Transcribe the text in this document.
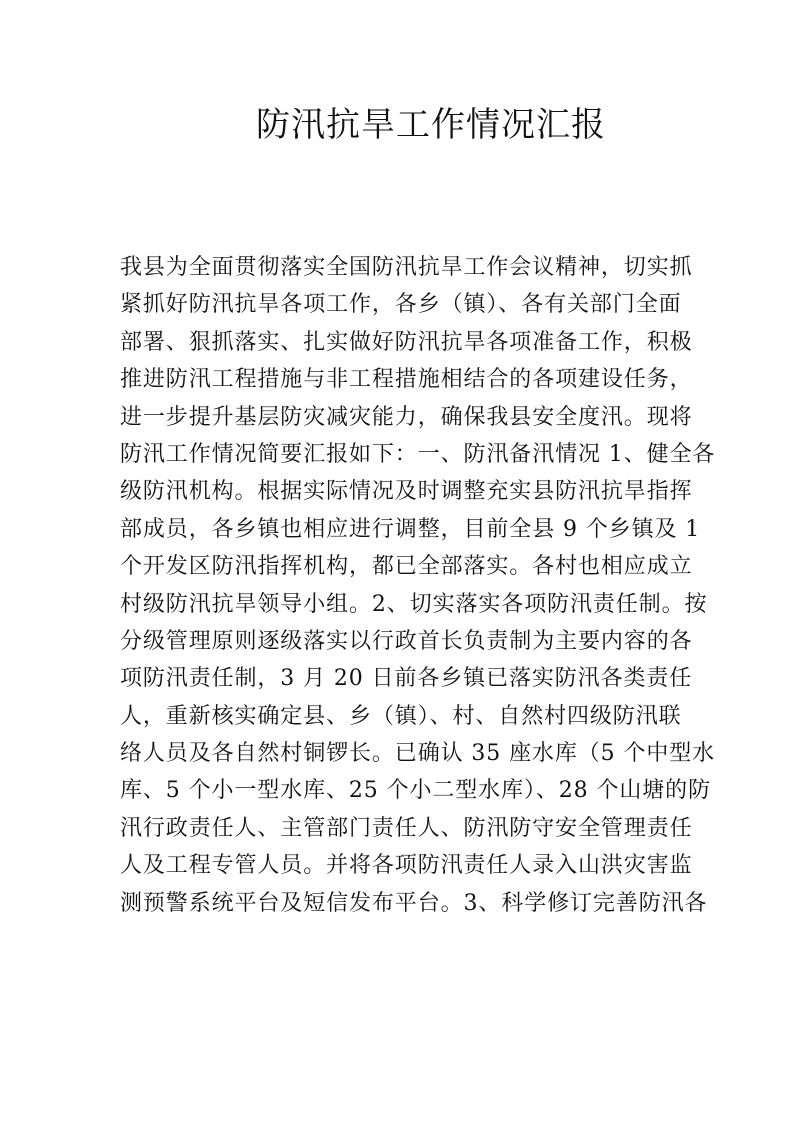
防汛抗旱工作情况汇报
我县为全面贯彻落实全国防汛抗旱工作会议精神，切实抓
紧抓好防汛抗旱各项工作，各乡（镇）、各有关部门全面
部署、狠抓落实、扎实做好防汛抗旱各项准备工作，积极
推进防汛工程措施与非工程措施相结合的各项建设任务，
进一步提升基层防灾减灾能力，确保我县安全度汛。现将
防汛工作情况简要汇报如下：一、防汛备汛情况 1、健全各
级防汛机构。根据实际情况及时调整充实县防汛抗旱指挥
部成员，各乡镇也相应进行调整，目前全县 9 个乡镇及 1
个开发区防汛指挥机构，都已全部落实。各村也相应成立
村级防汛抗旱领导小组。2、切实落实各项防汛责任制。按
分级管理原则逐级落实以行政首长负责制为主要内容的各
项防汛责任制，3 月 20 日前各乡镇已落实防汛各类责任
人，重新核实确定县、乡（镇）、村、自然村四级防汛联
络人员及各自然村铜锣长。已确认 35 座水库（5 个中型水
库、5 个小一型水库、25 个小二型水库）、28 个山塘的防
汛行政责任人、主管部门责任人、防汛防守安全管理责任
人及工程专管人员。并将各项防汛责任人录入山洪灾害监
测预警系统平台及短信发布平台。3、科学修订完善防汛各
